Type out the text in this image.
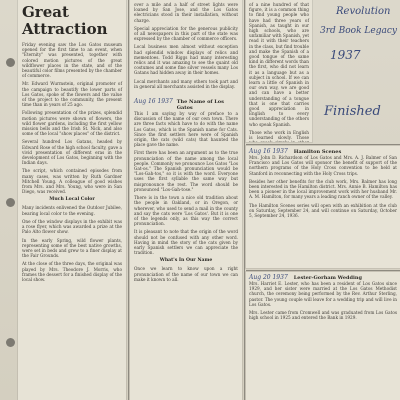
Great Attraction

Friday evening saw the Los Gatos museum opened for the first time to an event, when "Eternity" was presented, together with colored motion pictures of the great wildflower places in the state, and of the beautiful color films presented by the chamber of commerce.

Mr. Edward Wurmstein, original promoter of the campaign to beautify the lower parts of Los Gatos, spoke of the flowers and the value of the project to the community, the present time than in years of 25 ago.

Following presentation of the prizes, splendid motion pictures were shown of flowers, the wild flower gardens, including the first yellow mission bells and the Irish St. Nick, and also some of the local "show places" of the district.

Several hundred Los Gatans, headed by Edward Rose of the high school faculty, gave a vivid presentation of different eras in the development of Los Gatos, beginning with the Indian days.

The script, which contained episodes from many cases, was written by Ruth Gardner Mitchell Young. A colleague of good wishes from Mrs. and Mrs. Young, who were in San Diego, was received.

Much Local Color

Many incidents enlivened the Outdoor Jubilee, bearing local color to the evening.

One of the window displays in the exhibit was a rose flyer, which was awarded a prize at the Palo Alto flower show.

In the early Spring, wild flower plants, representing some of the best native growths, were set in beds and grew to a finer display at the Fair Grounds.

At the close of the three days, the original was played by Mrs. Theodore J. Morris, who frames the dessert for a finished display of the local show.

over a mile and a half of street lights were loaned by San Jose, and the Los Gatos electricians stood in their installation, without charge.

Special appreciation for the generous publicity of all newspapers in this part of the state was expressed by the chamber of commerce officers.

Local business men almost without exception had splendid window displays of relics and mementoes. Todd Riggs had many interesting relics and it was amazing to see the quaint old costumes and some fine silver vessels many Los Gatans had hidden away in their homes.

Local merchants and many others took part and in general all merchants assisted in the display.

Aug 16 1937 The Name of Los Gatos

This I am saying by way of preface to a discussion of the name of our own town. There are three facts which have to do with the name Los Gatos, which is the Spanish name for Cats. Since the first settlers here were of Spanish origin, the cats (wild cats) that haunted the place gave the name.

First there has been an argument as to the true pronunciation of the name among the local people. Commonly we pronounce Los Gatos "Los Gat-os." The Spanish pronunciation would be "Los-Gah-tos," so it is with the word. Everyone uses the first syllable the same way but mispronounce the rest. The word should be pronounced "Los-Gah-tose."

There is in the town a nice old tradition about the people in Oakland, or in Oregon, or wherever, who used to send a mail in the county and say the cats were 'Los Gatos'. But it is one of the legends only, as this way the correct pronunciation.

It is pleasant to note that the origin of the word should not be confused with any other word. Having in mind the story of the cats given by early Spanish settlers we can appreciate the tradition.

What's In Our Name

Once we learn to know upon a right pronunciation of the name of our town we can make it known to all.

of a nine hundred of that figure, it is a common thing to find young people who have had three years of Spanish, as taught in our high schools, who are unfamiliar with Spanish, yet read it with their teachers in the class, but find trouble and make the Spanish of a good tongue of the same kind in different words than the first, who did not learn it as a language but as a subject in school. If we can learn a little of Spanish in our own way, we are good and can have a better understanding of a tongue that is one that carries good appreciation in English to every understanding of the others who speak Spanish.

Those who work in English is learned slowly. Those

Aug 16 1937 Hamilton Scenes

Mrs. John D. Richardson of Los Gatos and Mrs. A. J. Balmer of San Francisco and Los Gatos will sponsor the benefit of support of the northern programs of the Holy Cross convention to be held at Stanford in reconnecting with the Holy Cross trips.

Besides her other benefits for the club work, Mrs. Balmer has long been interested in the Hamilton district. Mrs. Annie B. Hamilton has been a pioneer in the local improvement work with her husband Mr. A. M. Hamilton, for many years a leading ranch owner of the valley.

The Hamilton Scenes series will open with an exhibition at the club on Saturday, September 24, and will continue on Saturday, October 5, September 24, 1936.

Aug 20 1937 Lester-Gorham Wedding

Mrs. Harriet E. Lester, who has been a resident of Los Gatos since 1929, and her sister were married at the Los Gatos Methodist church, the ceremony being performed by the Rev. Arthur Sterling, pastor. The young couple will leave for a wedding trip and will live in Los Gatos.

Mrs. Lester came from Cromwell and was graduated from Los Gatos high school in 1925 and entered the Bank in 1929.

Revolution
3rd Book Legacy
1937
Finished
